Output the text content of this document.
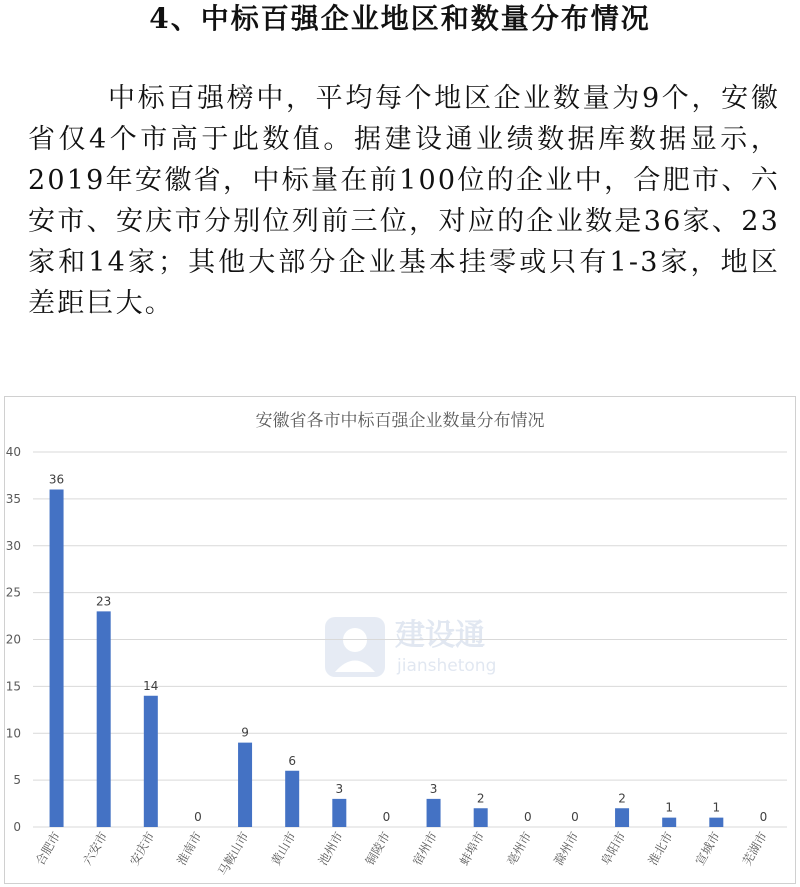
4、中标百强企业地区和数量分布情况

中标百强榜中，平均每个地区企业数量为9个，安徽省仅4个市高于此数值。据建设通业绩数据库数据显示，2019年安徽省，中标量在前100位的企业中，合肥市、六安市、安庆市分别位列前三位，对应的企业数是36家、23家和14家；其他大部分企业基本挂零或只有1-3家，地区差距巨大。

建设通
jianshetong
安徽省各市中标百强企业数量分布情况
0
5
10
15
20
25
30
35
40
36
23
14
0
9
6
3
0
3
2
0	0
2
1	1
0
合肥市 六安市 安庆市 淮南市 马鞍山市 黄山市 池州市 铜陵市 宿州市 蚌埠市 亳州市 滁州市 阜阳市 淮北市 宣城市 芜湖市
